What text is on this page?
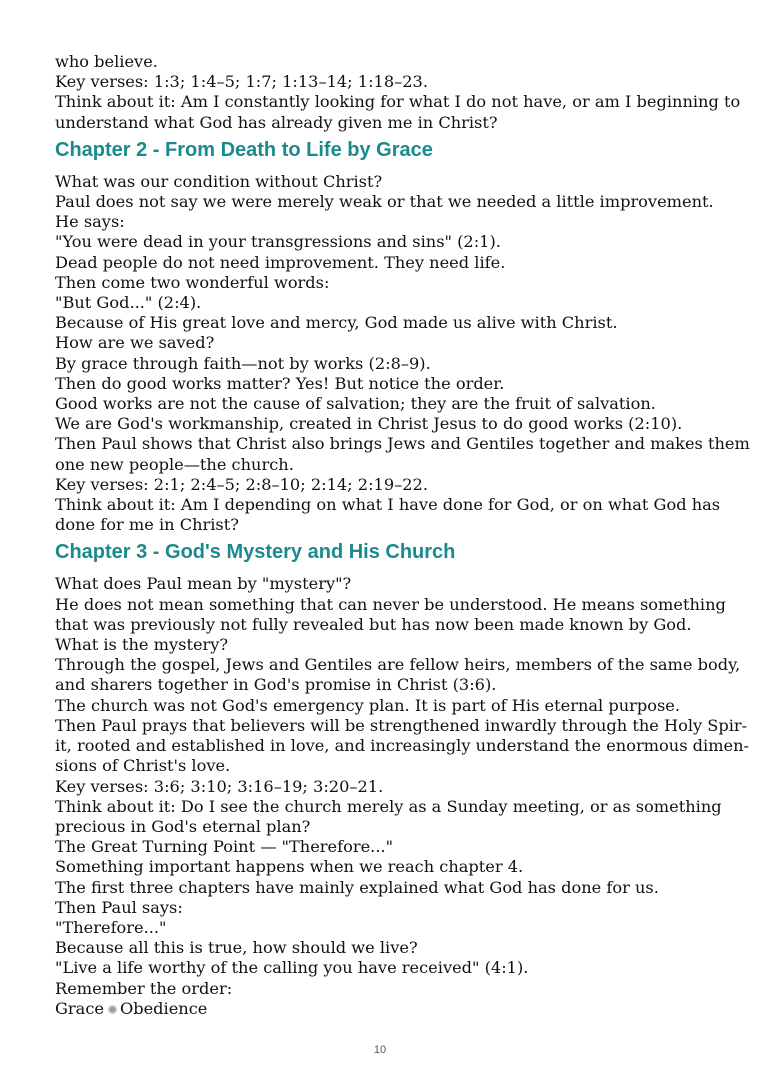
who believe.

Key verses: 1:3; 1:4–5; 1:7; 1:13–14; 1:18–23.

Think about it: Am I constantly looking for what I do not have, or am I beginning to

understand what God has already given me in Christ?

Chapter 2 - From Death to Life by Grace

What was our condition without Christ?

Paul does not say we were merely weak or that we needed a little improvement.

He says:

"You were dead in your transgressions and sins" (2:1).

Dead people do not need improvement. They need life.

Then come two wonderful words:

"But God..." (2:4).

Because of His great love and mercy, God made us alive with Christ.

How are we saved?

By grace through faith—not by works (2:8–9).

Then do good works matter? Yes! But notice the order.

Good works are not the cause of salvation; they are the fruit of salvation.

We are God's workmanship, created in Christ Jesus to do good works (2:10).

Then Paul shows that Christ also brings Jews and Gentiles together and makes them

one new people—the church.

Key verses: 2:1; 2:4–5; 2:8–10; 2:14; 2:19–22.

Think about it: Am I depending on what I have done for God, or on what God has

done for me in Christ?

Chapter 3 - God's Mystery and His Church

What does Paul mean by "mystery"?

He does not mean something that can never be understood. He means something

that was previously not fully revealed but has now been made known by God.

What is the mystery?

Through the gospel, Jews and Gentiles are fellow heirs, members of the same body,

and sharers together in God's promise in Christ (3:6).

The church was not God's emergency plan. It is part of His eternal purpose.

Then Paul prays that believers will be strengthened inwardly through the Holy Spir-

it, rooted and established in love, and increasingly understand the enormous dimen-

sions of Christ's love.

Key verses: 3:6; 3:10; 3:16–19; 3:20–21.

Think about it: Do I see the church merely as a Sunday meeting, or as something

precious in God's eternal plan?

The Great Turning Point — "Therefore..."

Something important happens when we reach chapter 4.

The first three chapters have mainly explained what God has done for us.

Then Paul says:

"Therefore..."

Because all this is true, how should we live?

"Live a life worthy of the calling you have received" (4:1).

Remember the order:

Grace Obedience

10
